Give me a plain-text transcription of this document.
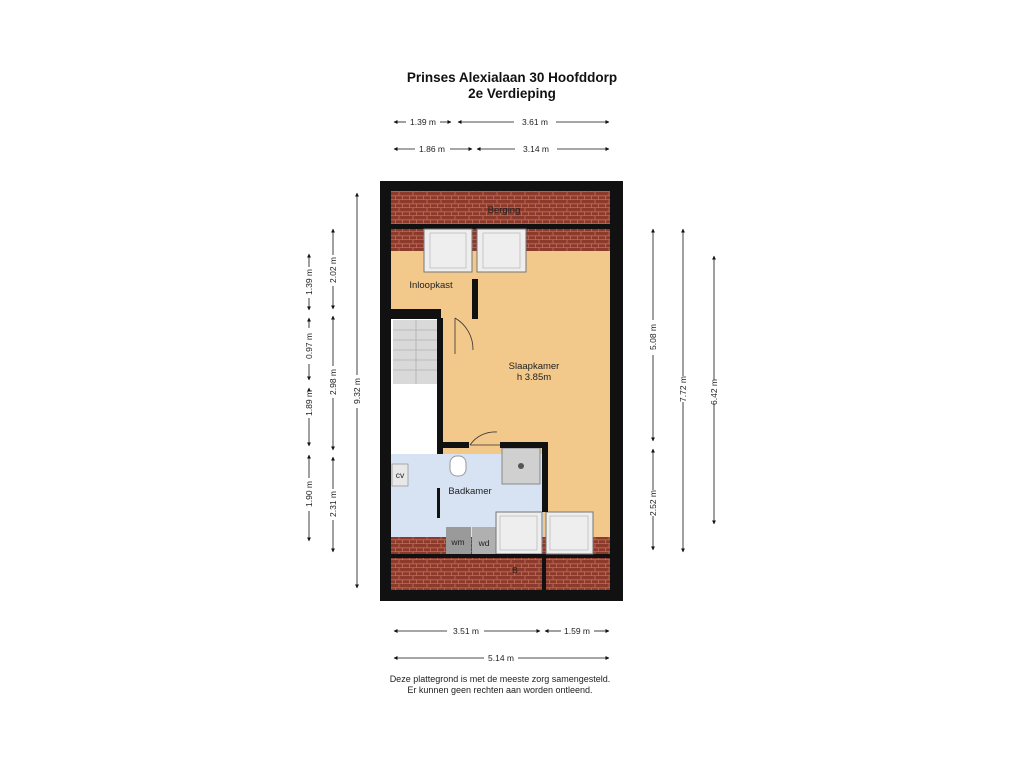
Prinses Alexialaan 30 Hoofddorp
2e Verdieping
Berging
Inloopkast
Slaapkamer
h 3.85m
Badkamer
cv
wm wd
B
1.39 m	3.61 m
1.86 m	3.14 m
3.51 m	1.59 m
5.14 m
1.39 m
0.97 m
1.89 m
1.90 m
2.02 m
2.98 m
2.31 m
9.32 m
5.08 m
2.52 m
7.72 m 6.42 m
Deze plattegrond is met de meeste zorg samengesteld.
Er kunnen geen rechten aan worden ontleend.
